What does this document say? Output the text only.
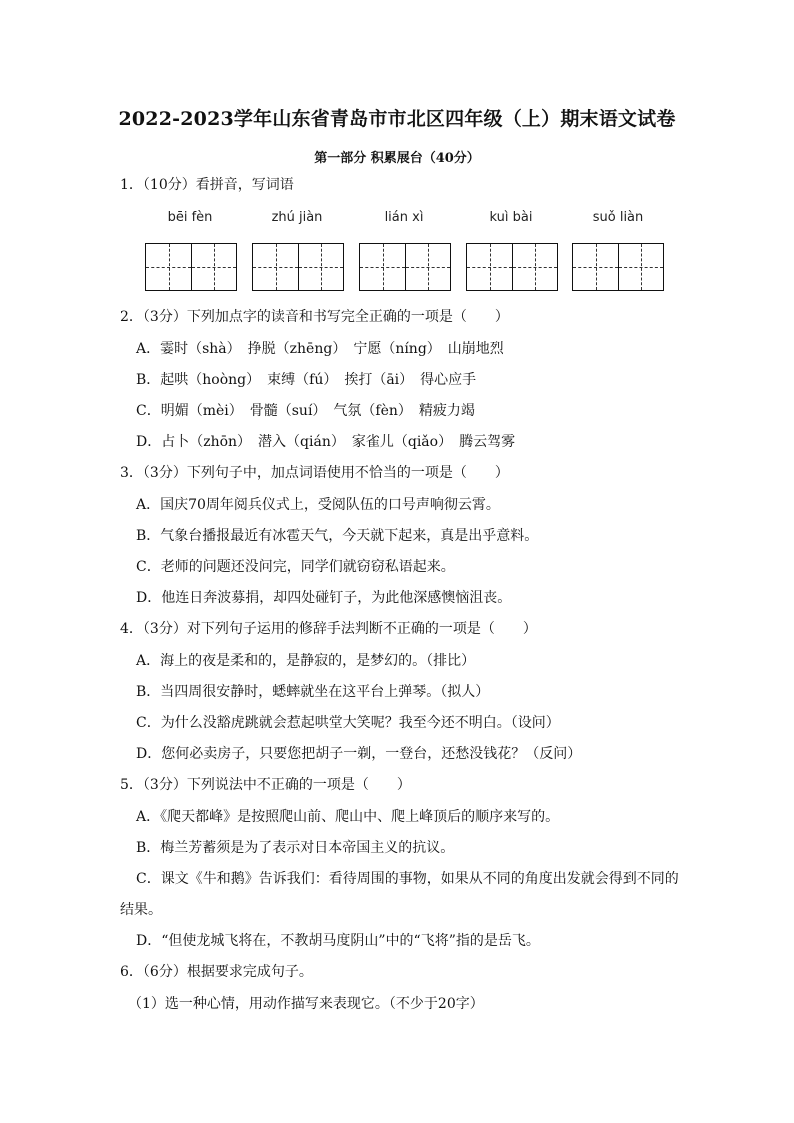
2022-2023学年山东省青岛市市北区四年级（上）期末语文试卷
第一部分 积累展台（40分）
1．（10分）看拼音，写词语
bēi fèn	zhú jiàn	lián xì	kuì bài	suǒ liàn
2．（3分）下列加点字的读音和书写完全正确的一项是（　　）
A．霎时（shà）　挣脱（zhēng）　宁愿（níng）　山崩地烈
B．起哄（hoòng）　束缚（fú）　挨打（āi）　得心应手
C．明媚（mèi）　骨髓（suí）　气氛（fèn）　精疲力竭
D．占卜（zhōn）　潜入（qián）　家雀儿（qiǎo）　腾云驾雾
3．（3分）下列句子中，加点词语使用不恰当的一项是（　　）
A．国庆70周年阅兵仪式上，受阅队伍的口号声响彻云霄。
B．气象台播报最近有冰雹天气，今天就下起来，真是出乎意料。
C．老师的问题还没问完，同学们就窃窃私语起来。
D．他连日奔波募捐，却四处碰钉子，为此他深感懊恼沮丧。
4．（3分）对下列句子运用的修辞手法判断不正确的一项是（　　）
A．海上的夜是柔和的，是静寂的，是梦幻的。（排比）
B．当四周很安静时，蟋蟀就坐在这平台上弹琴。（拟人）
C．为什么没豁虎跳就会惹起哄堂大笑呢？我至今还不明白。（设问）
D．您何必卖房子，只要您把胡子一剃，一登台，还愁没钱花？（反问）
5．（3分）下列说法中不正确的一项是（　　）
A．《爬天都峰》是按照爬山前、爬山中、爬上峰顶后的顺序来写的。
B．梅兰芳蓄须是为了表示对日本帝国主义的抗议。
C．课文《牛和鹅》告诉我们：看待周围的事物，如果从不同的角度出发就会得到不同的
结果。
D．“但使龙城飞将在，不教胡马度阴山”中的“飞将”指的是岳飞。
6．（6分）根据要求完成句子。
（1）选一种心情，用动作描写来表现它。（不少于20字）
